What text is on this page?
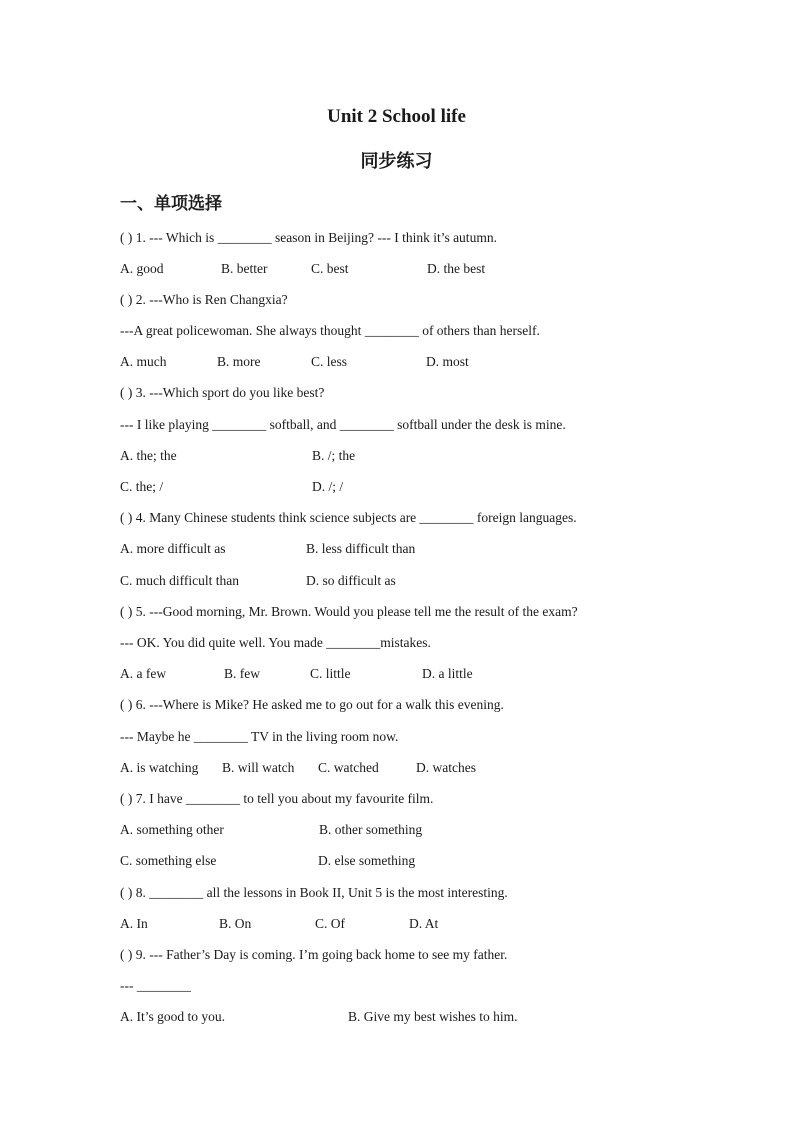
Unit 2 School life
同步练习
一、单项选择
( ) 1. --- Which is ________ season in Beijing? --- I think it’s autumn.
A. good	B. better	C. best	D. the best
( ) 2. ---Who is Ren Changxia?
---A great policewoman. She always thought ________ of others than herself.
A. much	B. more	C. less	D. most
( ) 3. ---Which sport do you like best?
--- I like playing ________ softball, and ________ softball under the desk is mine.
A. the; the	B. /; the
C. the; /	D. /; /
( ) 4. Many Chinese students think science subjects are ________ foreign languages.
A. more difficult as	B. less difficult than
C. much difficult than	D. so difficult as
( ) 5. ---Good morning, Mr. Brown. Would you please tell me the result of the exam?
--- OK. You did quite well. You made ________mistakes.
A. a few	B. few	C. little	D. a little
( ) 6. ---Where is Mike? He asked me to go out for a walk this evening.
--- Maybe he ________ TV in the living room now.
A. is watching B. will watch C. watched	D. watches
( ) 7. I have ________ to tell you about my favourite film.
A. something other	B. other something
C. something else	D. else something
( ) 8. ________ all the lessons in Book II, Unit 5 is the most interesting.
A. In	B. On	C. Of	D. At
( ) 9. --- Father’s Day is coming. I’m going back home to see my father.
--- ________
A. It’s good to you.	B. Give my best wishes to him.
